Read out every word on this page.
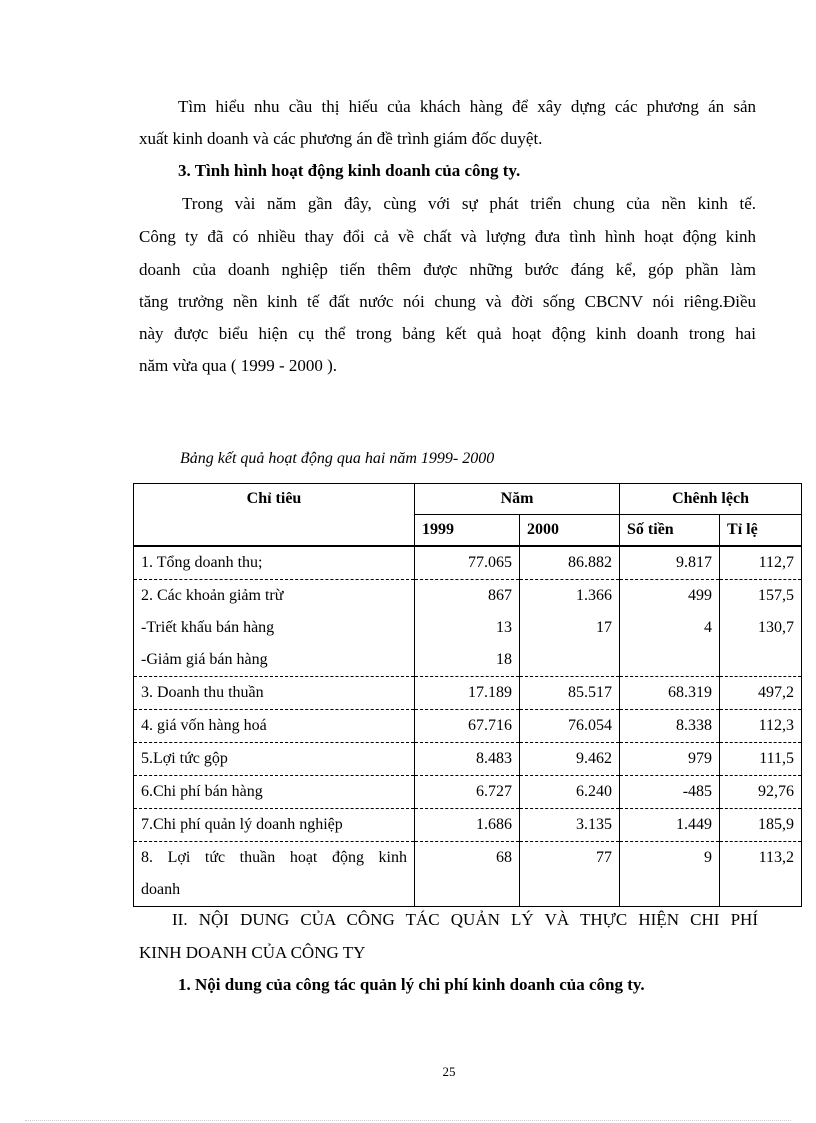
Tìm hiểu nhu cầu thị hiếu của khách hàng để xây dựng các phương án sản
xuất kinh doanh và các phương án đề trình giám đốc duyệt.
3. Tình hình hoạt động kinh doanh của công ty.
Trong vài năm gần đây, cùng với sự phát triển chung của nền kinh tế.
Công ty đã có nhiều thay đổi cả về chất và lượng đưa tình hình hoạt động kinh
doanh của doanh nghiệp tiến thêm được những bước đáng kể, góp phần làm
tăng trưởng nền kinh tế đất nước nói chung và đời sống CBCNV nói riêng.Điều
này được biểu hiện cụ thể trong bảng kết quả hoạt động kinh doanh trong hai
năm vừa qua ( 1999 - 2000 ).
Bảng kết quả hoạt động qua hai năm 1999- 2000
Chỉ tiêu	Năm		Chênh lệch	
	1999	2000	Số tiền	Tỉ lệ
1. Tổng doanh thu;	77.065	86.882	9.817	112,7
2. Các khoản giảm trừ	867	1.366	499	157,5
-Triết khấu bán hàng	13	17	4	130,7
-Giảm giá bán hàng	18			
3. Doanh thu thuần	17.189	85.517	68.319	497,2
4. giá vốn hàng hoá	67.716	76.054	8.338	112,3
5.Lợi tức gộp	8.483	9.462	979	111,5
6.Chi phí bán hàng	6.727	6.240	-485	92,76
7.Chi phí quản lý doanh nghiệp	1.686	3.135	1.449	185,9

8. Lợi tức thuần hoạt động kinh
doanh	68	77	9	113,2
II. NỘI DUNG CỦA CÔNG TÁC QUẢN LÝ VÀ THỰC HIỆN CHI PHÍ
KINH DOANH CỦA CÔNG TY
1. Nội dung của công tác quản lý chi phí kinh doanh của công ty.
25
